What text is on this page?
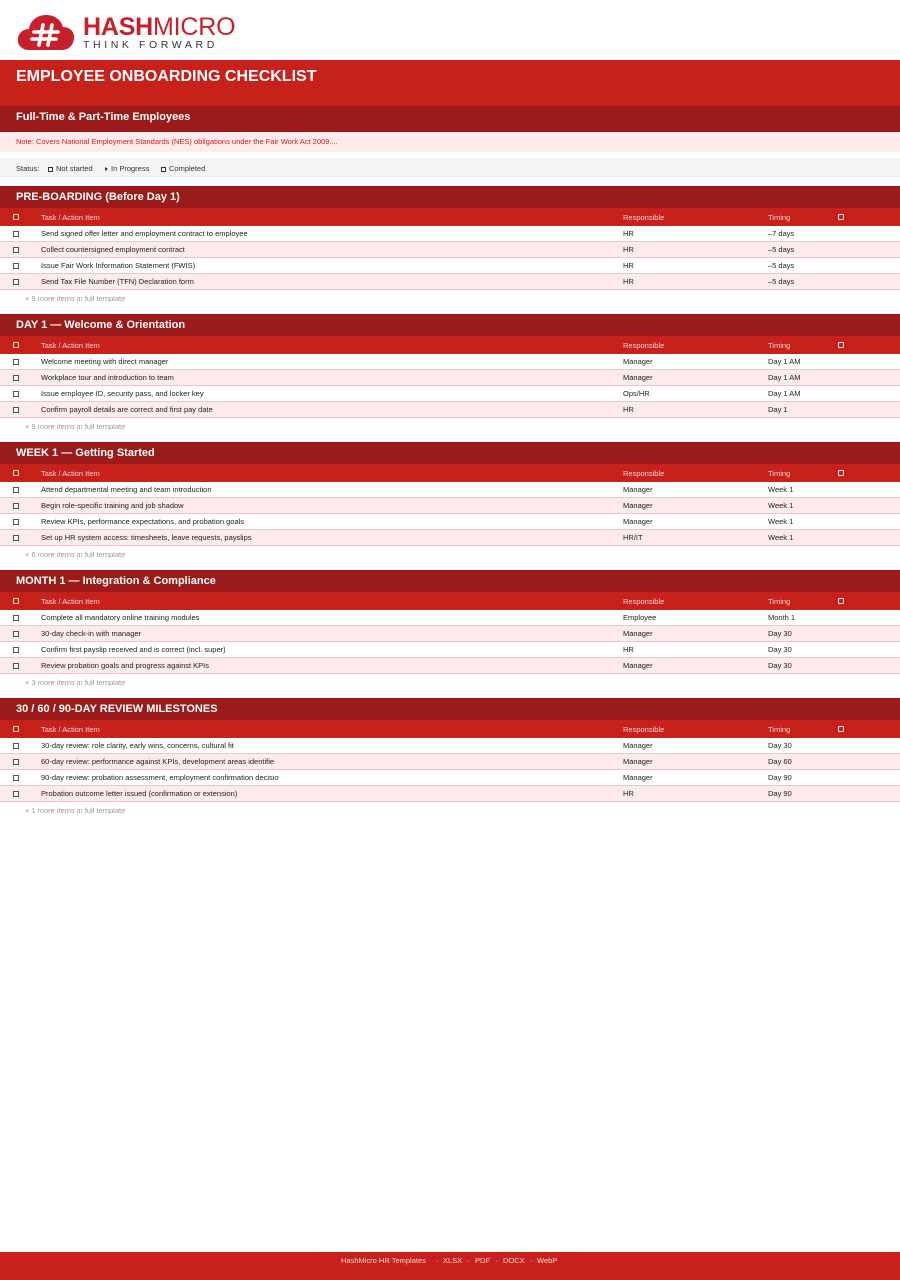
HASHMICRO
THINK FORWARD
EMPLOYEE ONBOARDING CHECKLIST
Full-Time & Part-Time Employees
Note: Covers National Employment Standards (NES) obligations under the Fair Work Act 2009....
Status:	Not started	In Progress	Completed
PRE-BOARDING (Before Day 1)
Task / Action Item	Responsible	Timing
Send signed offer letter and employment contract to employee	HR	–7 days
Collect countersigned employment contract	HR	–5 days
Issue Fair Work Information Statement (FWIS)	HR	–5 days
Send Tax File Number (TFN) Declaration form	HR	–5 days
+ 9 more items in full template
DAY 1 — Welcome & Orientation
Task / Action Item	Responsible	Timing
Welcome meeting with direct manager	Manager	Day 1 AM
Workplace tour and introduction to team	Manager	Day 1 AM
Issue employee ID, security pass, and locker key	Ops/HR	Day 1 AM
Confirm payroll details are correct and first pay date	HR	Day 1
+ 9 more items in full template
WEEK 1 — Getting Started
Task / Action Item	Responsible	Timing
Attend departmental meeting and team introduction	Manager	Week 1
Begin role-specific training and job shadow	Manager	Week 1
Review KPIs, performance expectations, and probation goals	Manager	Week 1
Set up HR system access: timesheets, leave requests, payslips	HR/IT	Week 1
+ 6 more items in full template
MONTH 1 — Integration & Compliance
Task / Action Item	Responsible	Timing
Complete all mandatory online training modules	Employee	Month 1
30-day check-in with manager	Manager	Day 30
Confirm first payslip received and is correct (incl. super)	HR	Day 30
Review probation goals and progress against KPIs	Manager	Day 30
+ 3 more items in full template
30 / 60 / 90-DAY REVIEW MILESTONES
Task / Action Item	Responsible	Timing
30-day review: role clarity, early wins, concerns, cultural fit	Manager	Day 30
60-day review: performance against KPIs, development areas identifie	Manager	Day 60
90-day review: probation assessment, employment confirmation decisio	Manager	Day 90
Probation outcome letter issued (confirmation or extension)	HR	Day 90
+ 1 more items in full template
HashMicro HR Templates · XLSX · PDF · DOCX · WebP
